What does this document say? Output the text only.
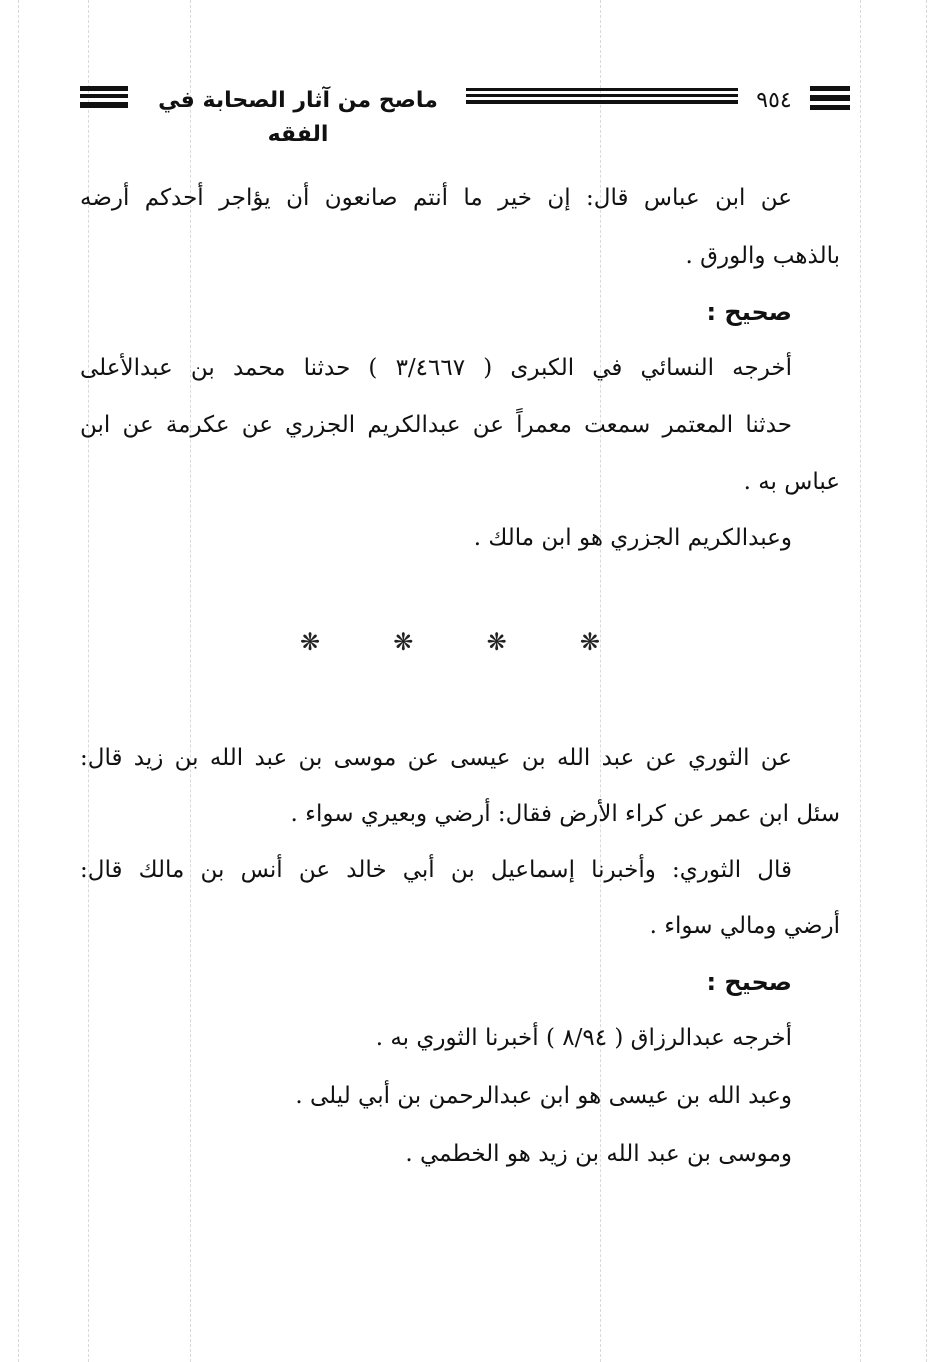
ماصح من آثار الصحابة في الفقه
٩٥٤
عن ابن عباس قال: إن خير ما أنتم صانعون أن يؤاجر أحدكم أرضه
بالذهب والورق .
صحيح :
أخرجه النسائي في الكبرى ( ٣/٤٦٦٧ ) حدثنا محمد بن عبدالأعلى
حدثنا المعتمر سمعت معمراً عن عبدالكريم الجزري عن عكرمة عن ابن
عباس به .
وعبدالكريم الجزري هو ابن مالك .
❋	❋	❋	❋
عن الثوري عن عبد الله بن عيسى عن موسى بن عبد الله بن زيد قال:
سئل ابن عمر عن كراء الأرض فقال: أرضي وبعيري سواء .
قال الثوري: وأخبرنا إسماعيل بن أبي خالد عن أنس بن مالك قال:
أرضي ومالي سواء .
صحيح :
أخرجه عبدالرزاق ( ٨/٩٤ ) أخبرنا الثوري به .
وعبد الله بن عيسى هو ابن عبدالرحمن بن أبي ليلى .
وموسى بن عبد الله بن زيد هو الخطمي .
